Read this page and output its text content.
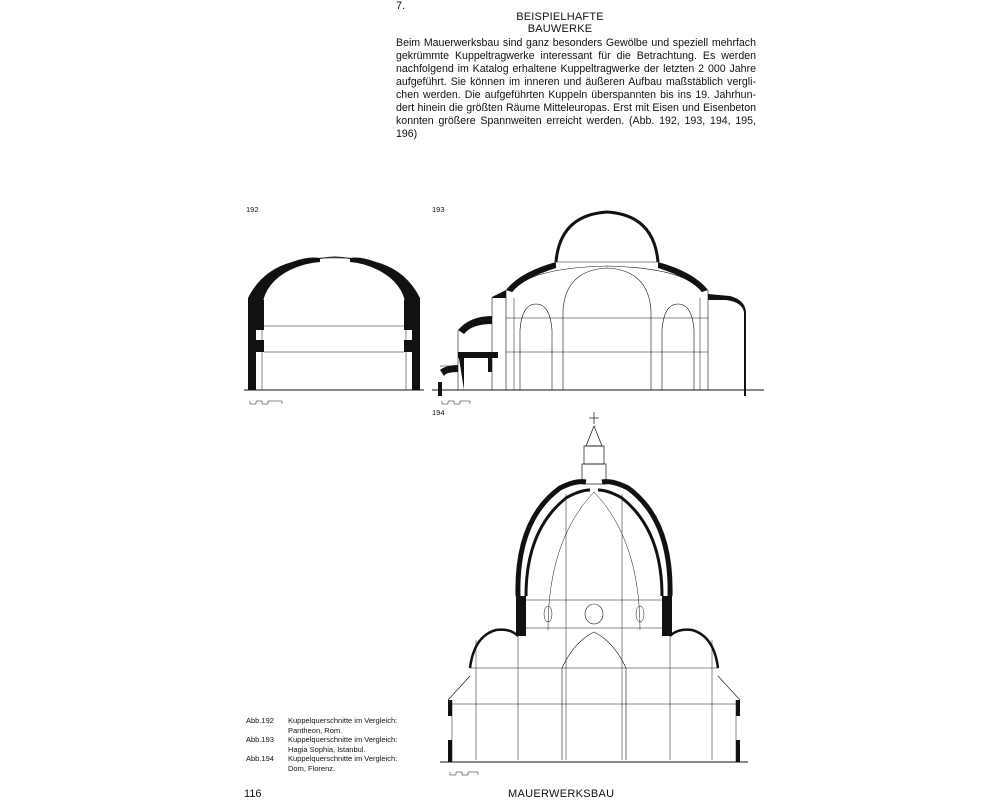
7.
BEISPIELHAFTE BAUWERKE
Beim Mauerwerksbau sind ganz besonders Gewölbe und speziell mehrfach gekrümmte Kuppeltragwerke interessant für die Betrachtung. Es werden nachfolgend im Katalog erhaltene Kuppeltragwerke der letzten 2 000 Jahre aufgeführt. Sie können im inneren und äußeren Aufbau maßstäblich vergli- chen werden. Die aufgeführten Kuppeln überspannten bis ins 19. Jahrhun- dert hinein die größten Räume Mitteleuropas. Erst mit Eisen und Eisenbeton konnten größere Spannweiten erreicht werden. (Abb. 192, 193, 194, 195, 196)
192	193
194
Abb.192	Kuppelquerschnitte im Vergleich:
Pantheon, Rom.
Abb.193	Kuppelquerschnitte im Vergleich:
Hagia Sophia, Istanbul.
Abb.194	Kuppelquerschnitte im Vergleich:
Dom, Florenz.
116	MAUERWERKSBAU
